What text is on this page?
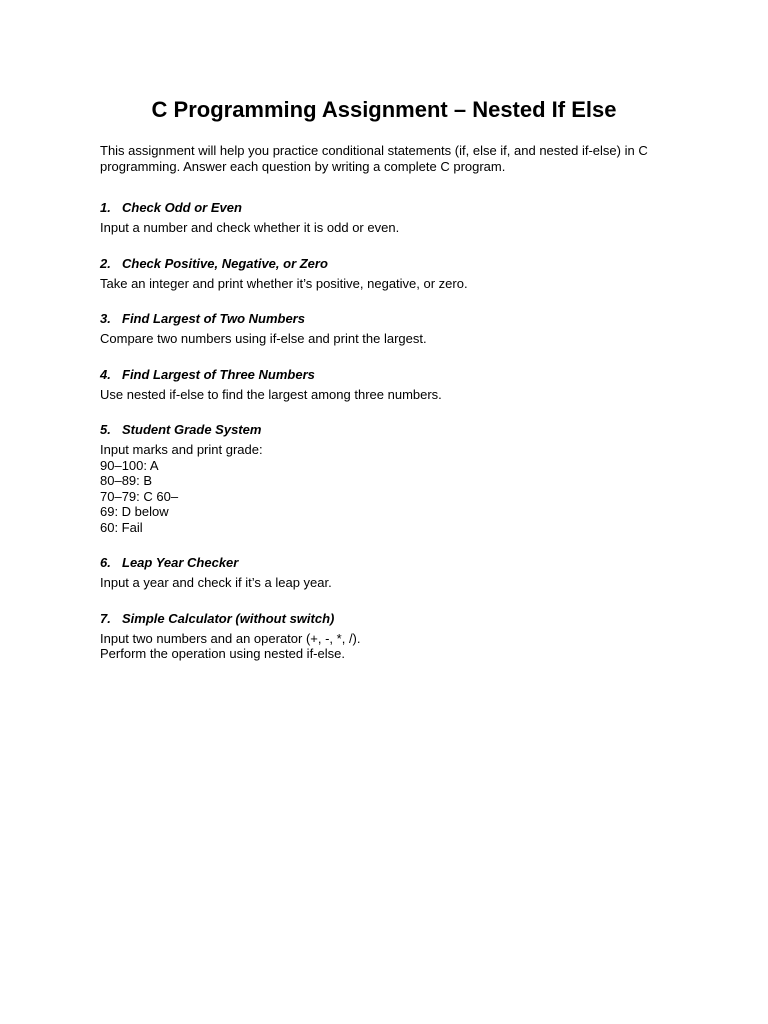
C Programming Assignment – Nested If Else

This assignment will help you practice conditional statements (if, else if, and nested if-else) in C
programming. Answer each question by writing a complete C program.

1. Check Odd or Even

Input a number and check whether it is odd or even.

2. Check Positive, Negative, or Zero

Take an integer and print whether it’s positive, negative, or zero.

3. Find Largest of Two Numbers

Compare two numbers using if-else and print the largest.

4. Find Largest of Three Numbers

Use nested if-else to find the largest among three numbers.

5. Student Grade System

Input marks and print grade:
90–100: A
80–89: B
70–79: C 60–
69: D below
60: Fail

6. Leap Year Checker

Input a year and check if it’s a leap year.

7. Simple Calculator (without switch)

Input two numbers and an operator (+, -, *, /).
Perform the operation using nested if-else.
